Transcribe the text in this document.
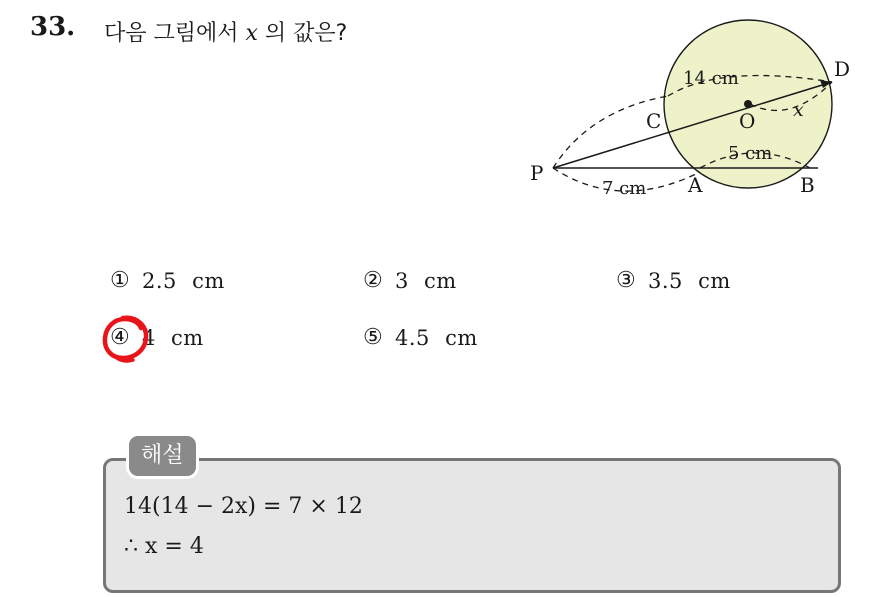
33. 다음 그림에서 x 의 값은?
P	A	B
C
D
O
14 cm
7 cm
5 cm
x
① 2.5 cm	② 3 cm	③ 3.5 cm
④ 4 cm	⑤ 4.5 cm
해설
14(14 − 2x) = 7 × 12
∴ x = 4
